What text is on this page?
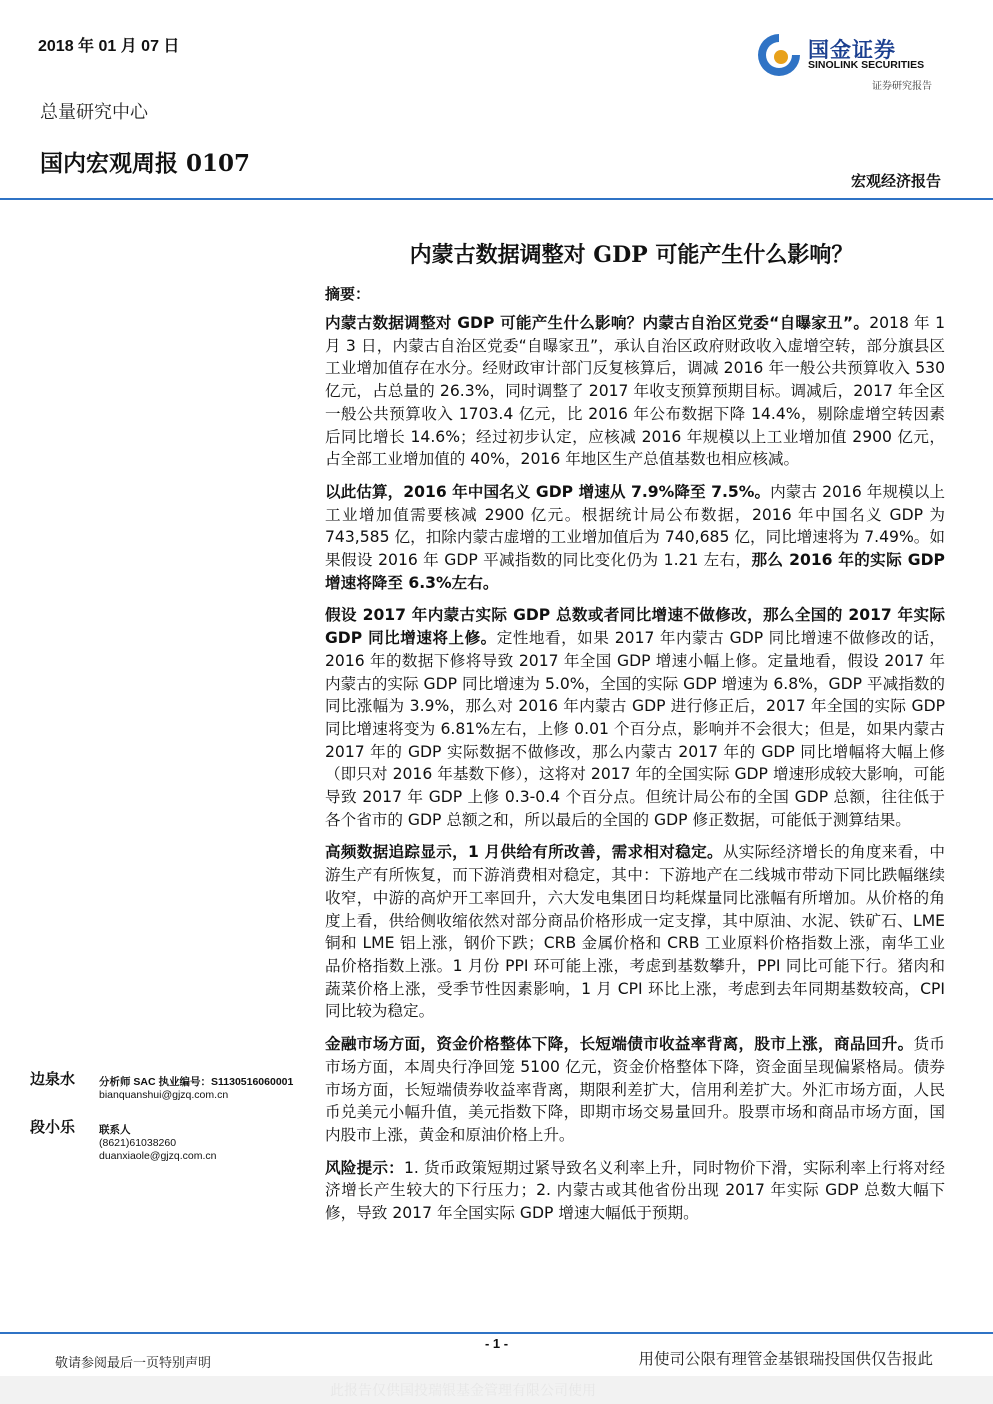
2018 年 01 月 07 日	国金证券
SINOLINK SECURITIES
证券研究报告
总量研究中心
国内宏观周报 0107
宏观经济报告
内蒙古数据调整对 GDP 可能产生什么影响？
摘要：

内蒙古数据调整对 GDP 可能产生什么影响？内蒙古自治区党委“自曝家丑”。2018 年 1 月 3 日，内蒙古自治区党委“自曝家丑”，承认自治区政府财政收入虚增空转，部分旗县区工业增加值存在水分。经财政审计部门反复核算后，调减 2016 年一般公共预算收入 530 亿元，占总量的 26.3%，同时调整了 2017 年收支预算预期目标。调减后，2017 年全区一般公共预算收入 1703.4 亿元，比 2016 年公布数据下降 14.4%，剔除虚增空转因素后同比增长 14.6%；经过初步认定，应核减 2016 年规模以上工业增加值 2900 亿元，占全部工业增加值的 40%，2016 年地区生产总值基数也相应核减。

以此估算，2016 年中国名义 GDP 增速从 7.9%降至 7.5%。内蒙古 2016 年规模以上工业增加值需要核减 2900 亿元。根据统计局公布数据，2016 年中国名义 GDP 为 743,585 亿，扣除内蒙古虚增的工业增加值后为 740,685 亿，同比增速将为 7.49%。如果假设 2016 年 GDP 平减指数的同比变化仍为 1.21 左右，那么 2016 年的实际 GDP 增速将降至 6.3%左右。

假设 2017 年内蒙古实际 GDP 总数或者同比增速不做修改，那么全国的 2017 年实际 GDP 同比增速将上修。定性地看，如果 2017 年内蒙古 GDP 同比增速不做修改的话，2016 年的数据下修将导致 2017 年全国 GDP 增速小幅上修。定量地看，假设 2017 年内蒙古的实际 GDP 同比增速为 5.0%，全国的实际 GDP 增速为 6.8%，GDP 平减指数的同比涨幅为 3.9%，那么对 2016 年内蒙古 GDP 进行修正后，2017 年全国的实际 GDP 同比增速将变为 6.81%左右，上修 0.01 个百分点，影响并不会很大；但是，如果内蒙古 2017 年的 GDP 实际数据不做修改，那么内蒙古 2017 年的 GDP 同比增幅将大幅上修（即只对 2016 年基数下修），这将对 2017 年的全国实际 GDP 增速形成较大影响，可能导致 2017 年 GDP 上修 0.3-0.4 个百分点。但统计局公布的全国 GDP 总额，往往低于各个省市的 GDP 总额之和，所以最后的全国的 GDP 修正数据，可能低于测算结果。

高频数据追踪显示，1 月供给有所改善，需求相对稳定。从实际经济增长的角度来看，中游生产有所恢复，而下游消费相对稳定，其中：下游地产在二线城市带动下同比跌幅继续收窄，中游的高炉开工率回升，六大发电集团日均耗煤量同比涨幅有所增加。从价格的角度上看，供给侧收缩依然对部分商品价格形成一定支撑，其中原油、水泥、铁矿石、LME 铜和 LME 铝上涨，钢价下跌；CRB 金属价格和 CRB 工业原料价格指数上涨，南华工业品价格指数上涨。1 月份 PPI 环可能上涨，考虑到基数攀升，PPI 同比可能下行。猪肉和蔬菜价格上涨，受季节性因素影响，1 月 CPI 环比上涨，考虑到去年同期基数较高，CPI 同比较为稳定。

金融市场方面，资金价格整体下降，长短端债市收益率背离，股市上涨，商品回升。货币市场方面，本周央行净回笼 5100 亿元，资金价格整体下降，资金面呈现偏紧格局。债券市场方面，长短端债券收益率背离，期限利差扩大，信用利差扩大。外汇市场方面，人民币兑美元小幅升值，美元指数下降，即期市场交易量回升。股票市场和商品市场方面，国内股市上涨，黄金和原油价格上升。

风险提示：1. 货币政策短期过紧导致名义利率上升，同时物价下滑，实际利率上行将对经济增长产生较大的下行压力；2. 内蒙古或其他省份出现 2017 年实际 GDP 总数大幅下修，导致 2017 年全国实际 GDP 增速大幅低于预期。

边泉水	分析师 SAC 执业编号：S1130516060001
bianquanshui@gjzq.com.cn
段小乐	联系人
(8621)61038260
duanxiaole@gjzq.com.cn
- 1 -
敬请参阅最后一页特别声明	用使司公限有理管金基银瑞投国供仅告报此
此报告仅供国投瑞银基金管理有限公司使用
